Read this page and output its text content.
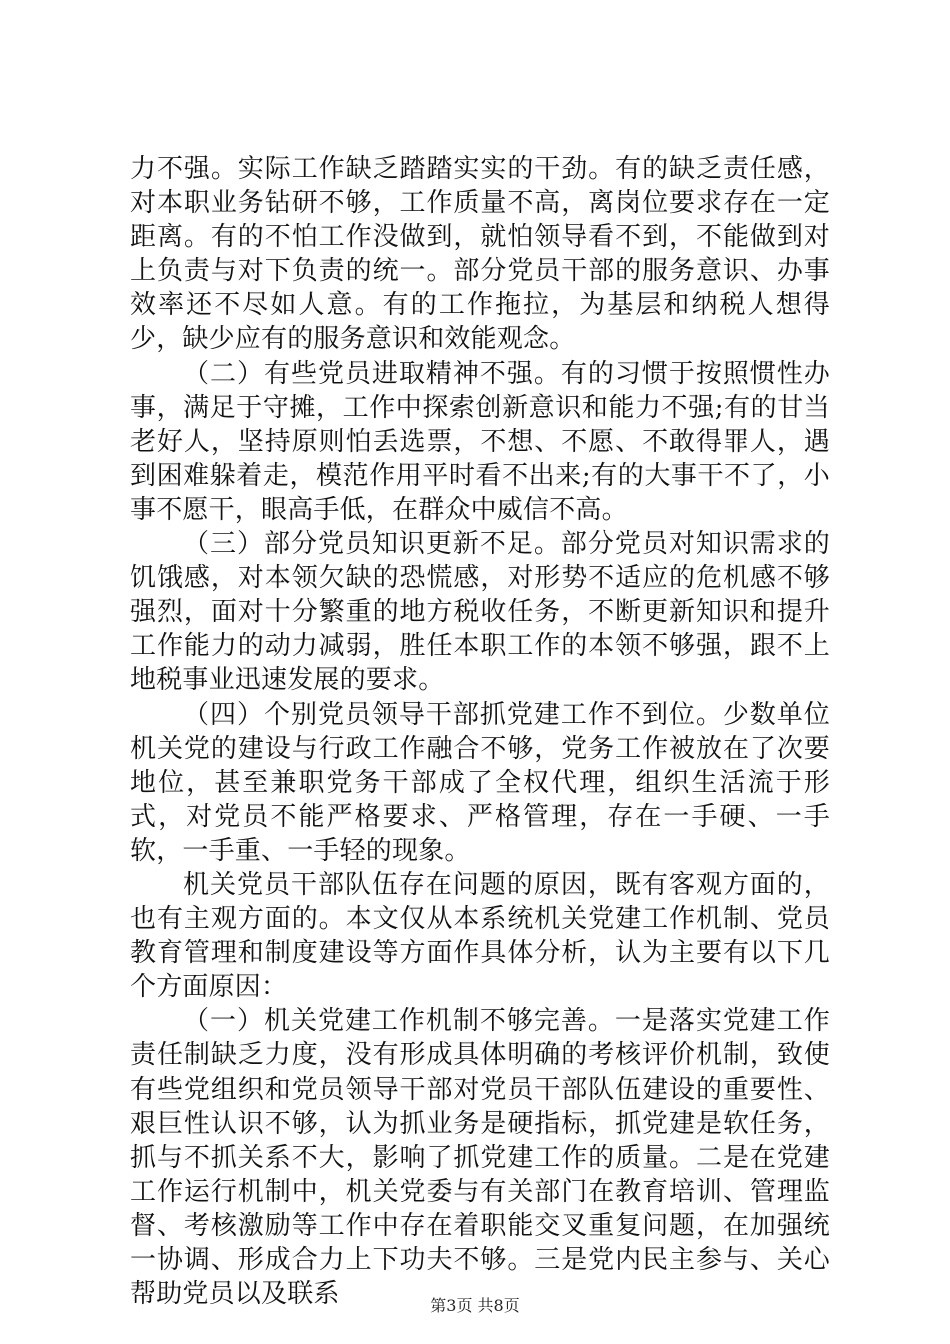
力不强。实际工作缺乏踏踏实实的干劲。有的缺乏责任感，对本职业务钻研不够，工作质量不高，离岗位要求存在一定距离。有的不怕工作没做到，就怕领导看不到，不能做到对上负责与对下负责的统一。部分党员干部的服务意识、办事效率还不尽如人意。有的工作拖拉，为基层和纳税人想得少，缺少应有的服务意识和效能观念。

（二）有些党员进取精神不强。有的习惯于按照惯性办事，满足于守摊，工作中探索创新意识和能力不强;有的甘当老好人，坚持原则怕丢选票，不想、不愿、不敢得罪人，遇到困难躲着走，模范作用平时看不出来;有的大事干不了，小事不愿干，眼高手低，在群众中威信不高。

（三）部分党员知识更新不足。部分党员对知识需求的饥饿感，对本领欠缺的恐慌感，对形势不适应的危机感不够强烈，面对十分繁重的地方税收任务，不断更新知识和提升工作能力的动力减弱，胜任本职工作的本领不够强，跟不上地税事业迅速发展的要求。

（四）个别党员领导干部抓党建工作不到位。少数单位机关党的建设与行政工作融合不够，党务工作被放在了次要地位，甚至兼职党务干部成了全权代理，组织生活流于形式，对党员不能严格要求、严格管理，存在一手硬、一手软，一手重、一手轻的现象。

机关党员干部队伍存在问题的原因，既有客观方面的，也有主观方面的。本文仅从本系统机关党建工作机制、党员教育管理和制度建设等方面作具体分析，认为主要有以下几个方面原因：

（一）机关党建工作机制不够完善。一是落实党建工作责任制缺乏力度，没有形成具体明确的考核评价机制，致使有些党组织和党员领导干部对党员干部队伍建设的重要性、艰巨性认识不够，认为抓业务是硬指标，抓党建是软任务，抓与不抓关系不大，影响了抓党建工作的质量。二是在党建工作运行机制中，机关党委与有关部门在教育培训、管理监督、考核激励等工作中存在着职能交叉重复问题，在加强统一协调、形成合力上下功夫不够。三是党内民主参与、关心帮助党员以及联系	第3页 共8页
